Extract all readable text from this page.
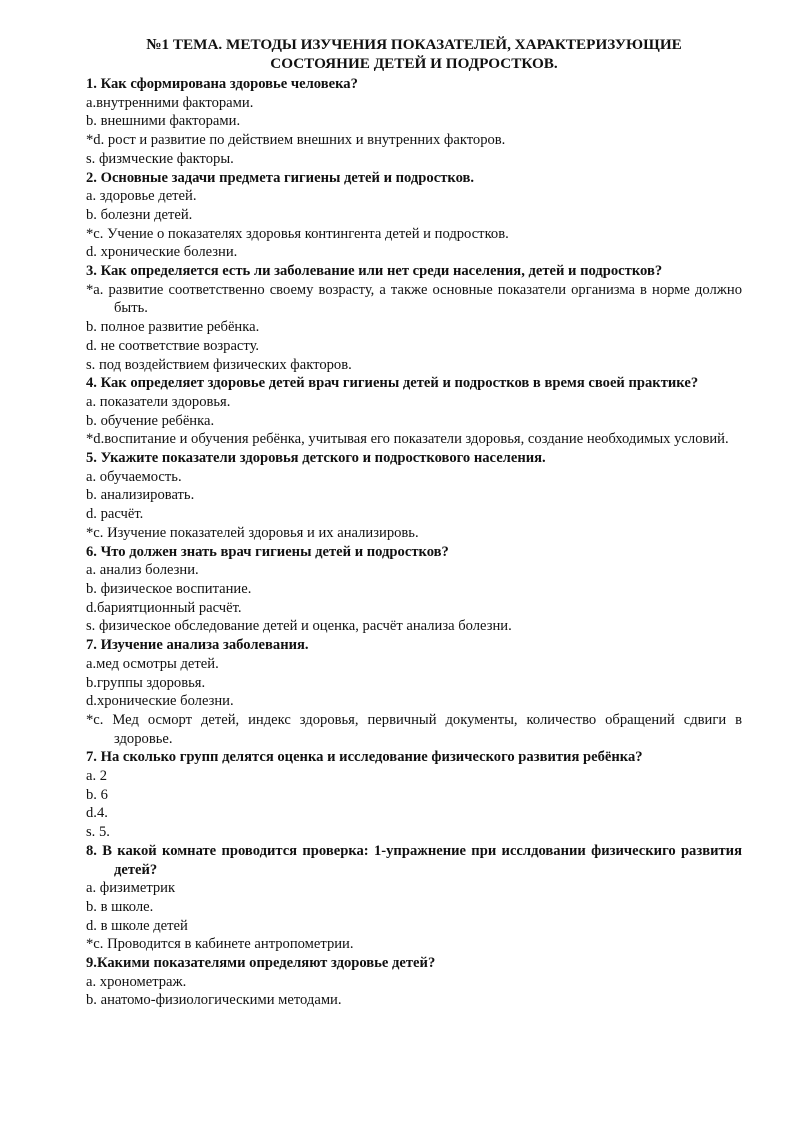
№1 ТЕМА. МЕТОДЫ ИЗУЧЕНИЯ ПОКАЗАТЕЛЕЙ, ХАРАКТЕРИЗУЮЩИЕ
СОСТОЯНИЕ ДЕТЕЙ И ПОДРОСТКОВ.
1. Как сформирована здоровье человека?
a.внутренними факторами.
b. внешними факторами.
*d. рост и развитие по действием внешних и внутренних факторов.
s. физмческие факторы.
2. Основные задачи предмета гигиены детей и подростков.
a. здоровье детей.
b. болезни детей.
*c. Учение о показателях здоровья контингента детей и подростков.
d. хронические болезни.
3. Как определяется есть ли заболевание или нет среди населения, детей и подростков?
*a. развитие соответственно своему возрасту, а также основные показатели организма в норме должно быть.
b. полное развитие ребёнка.
d. не соответствие возрасту.
s. под воздействием физических факторов.
4. Как определяет здоровье детей врач гигиены детей и подростков в время своей практике?
a. показатели здоровья.
b. обучение ребёнка.
*d.воспитание и обучения ребёнка, учитывая его показатели здоровья, создание необходимых условий.
5. Укажите показатели здоровья детского и подросткового населения.
a. обучаемость.
b. анализировать.
d. расчёт.
*c. Изучение показателей здоровья и их анализировь.
6. Что должен знать врач гигиены детей и подростков?
a. анализ болезни.
b. физическое воспитание.
d.бариятционный расчёт.
s. физическое обследование детей и оценка, расчёт анализа болезни.
7. Изучение анализа заболевания.
a.мед осмотры детей.
b.группы здоровья.
d.хронические болезни.
*c. Мед осморт детей, индекс здоровья, первичный документы, количество обращений сдвиги в здоровье.
7. На сколько групп делятся оценка и исследование физического развития ребёнка?
a. 2
b. 6
d.4.
s. 5.
8. В какой комнате проводится проверка: 1-упражнение при исслдовании физическиго развития детей?
a. физиметрик
b. в школе.
d. в школе детей
*c. Проводится в кабинете антропометрии.
9.Какими показателями определяют здоровье детей?
a. хронометраж.
b. анатомо-физиологическими методами.
